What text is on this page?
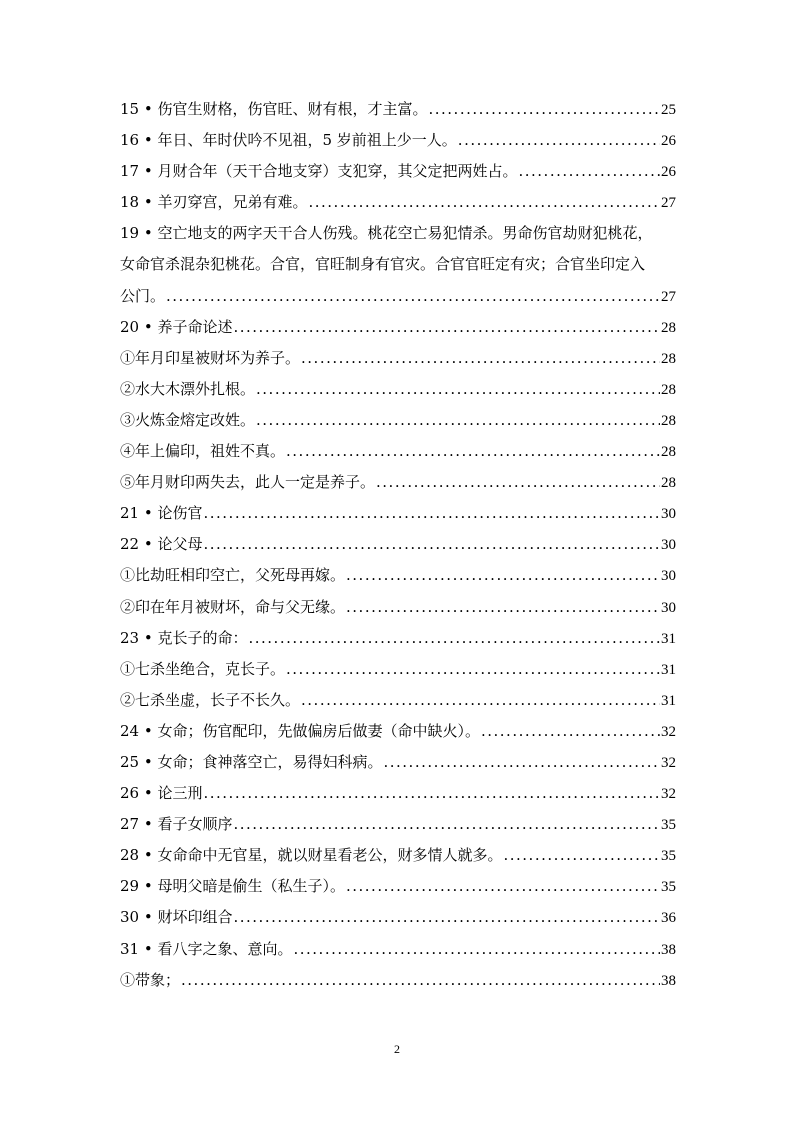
15 • 伤官生财格，伤官旺、财有根，才主富。 .....	25
16 • 年日、年时伏吟不见祖，5 岁前祖上少一人。 .....	26
17 • 月财合年（天干合地支穿）支犯穿，其父定把两姓占。 .....	26
18 • 羊刃穿宫，兄弟有难。 .....	27
19 • 空亡地支的两字天干合人伤残。桃花空亡易犯情杀。男命伤官劫财犯桃花，
女命官杀混杂犯桃花。合官，官旺制身有官灾。合官官旺定有灾；合官坐印定入
公门。 .....	27
20 • 养子命论述 .....	28
①年月印星被财坏为养子。 .....	28
②水大木漂外扎根。 .....	28
③火炼金熔定改姓。 .....	28
④年上偏印，祖姓不真。 .....	28
⑤年月财印两失去，此人一定是养子。 .....	28
21 • 论伤官 .....	30
22 • 论父母 .....	30
①比劫旺相印空亡，父死母再嫁。 .....	30
②印在年月被财坏，命与父无缘。 .....	30
23 • 克长子的命： .....	31
①七杀坐绝合，克长子。 .....	31
②七杀坐虚，长子不长久。 .....	31
24 • 女命；伤官配印，先做偏房后做妻（命中缺火）。 .....	32
25 • 女命；食神落空亡，易得妇科病。 .....	32
26 • 论三刑 .....	32
27 • 看子女顺序 .....	35
28 • 女命命中无官星，就以财星看老公，财多情人就多。 .....	35
29 • 母明父暗是偷生（私生子）。 .....	35
30 • 财坏印组合 .....	36
31 • 看八字之象、意向。 .....	38
①带象； .....	38
2
